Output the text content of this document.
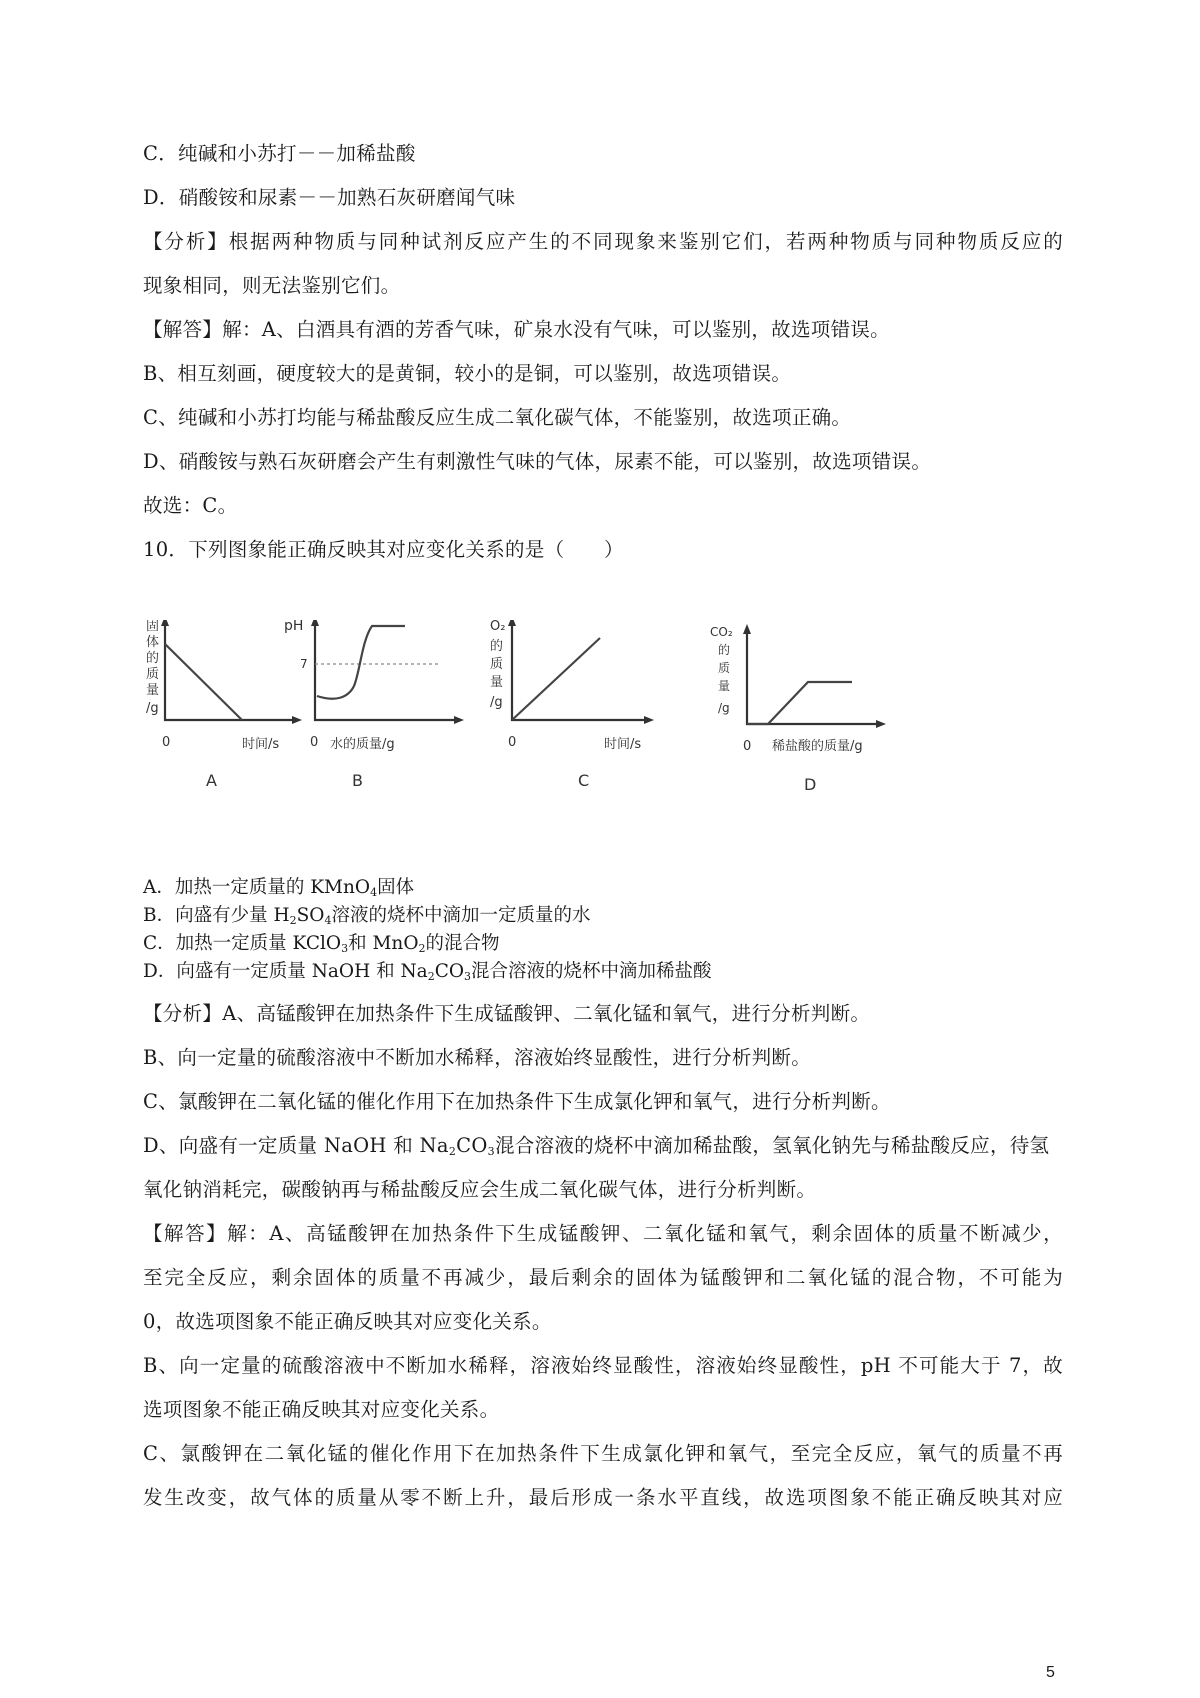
C．纯碱和小苏打－－加稀盐酸
D．硝酸铵和尿素－－加熟石灰研磨闻气味
【分析】根据两种物质与同种试剂反应产生的不同现象来鉴别它们，若两种物质与同种物质反应的
现象相同，则无法鉴别它们。
【解答】解：A、白酒具有酒的芳香气味，矿泉水没有气味，可以鉴别，故选项错误。
B、相互刻画，硬度较大的是黄铜，较小的是铜，可以鉴别，故选项错误。
C、纯碱和小苏打均能与稀盐酸反应生成二氧化碳气体，不能鉴别，故选项正确。
D、硝酸铵与熟石灰研磨会产生有刺激性气味的气体，尿素不能，可以鉴别，故选项错误。
故选：C。
10．下列图象能正确反映其对应变化关系的是（　　）
固
体
的
质
量
/g
0	时间/s
A
pH
7
0 水的质量/g
B
O₂
的
质
量
/g
0	时间/s
C
CO₂
的
质
量
/g
0 稀盐酸的质量/g
D
A．加热一定质量的 KMnO$_4$固体
B．向盛有少量 $H_2SO_4$溶液的烧杯中滴加一定质量的水
C．加热一定质量 KClO$_3$和 MnO$_2$的混合物
D．向盛有一定质量 NaOH 和 $Na_2CO_3$混合溶液的烧杯中滴加稀盐酸
【分析】A、高锰酸钾在加热条件下生成锰酸钾、二氧化锰和氧气，进行分析判断。
B、向一定量的硫酸溶液中不断加水稀释，溶液始终显酸性，进行分析判断。
C、氯酸钾在二氧化锰的催化作用下在加热条件下生成氯化钾和氧气，进行分析判断。
D、向盛有一定质量 NaOH 和 $Na_2CO_3$混合溶液的烧杯中滴加稀盐酸，氢氧化钠先与稀盐酸反应，待氢
氧化钠消耗完，碳酸钠再与稀盐酸反应会生成二氧化碳气体，进行分析判断。
【解答】解：A、高锰酸钾在加热条件下生成锰酸钾、二氧化锰和氧气，剩余固体的质量不断减少，
至完全反应，剩余固体的质量不再减少，最后剩余的固体为锰酸钾和二氧化锰的混合物，不可能为
0，故选项图象不能正确反映其对应变化关系。
B、向一定量的硫酸溶液中不断加水稀释，溶液始终显酸性，溶液始终显酸性，pH 不可能大于 7，故
选项图象不能正确反映其对应变化关系。
C、氯酸钾在二氧化锰的催化作用下在加热条件下生成氯化钾和氧气，至完全反应，氧气的质量不再
发生改变，故气体的质量从零不断上升，最后形成一条水平直线，故选项图象不能正确反映其对应
5
